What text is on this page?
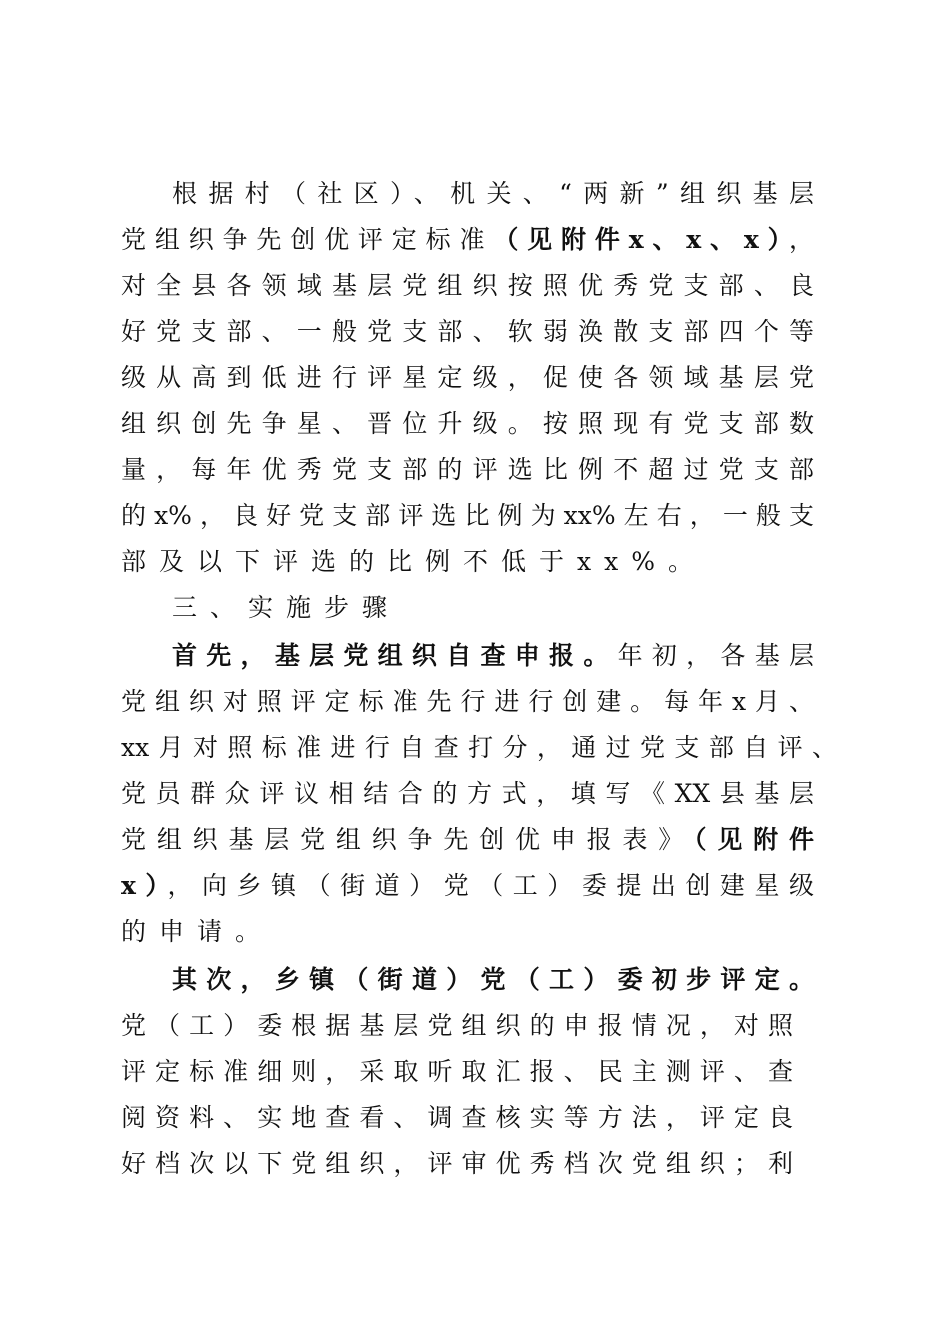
根据村（社区）、机关、“两新”组织基层
党组织争先创优评定标准（见附件x、x、x），
对全县各领域基层党组织按照优秀党支部、良
好党支部、一般党支部、软弱涣散支部四个等
级从高到低进行评星定级，促使各领域基层党
组织创先争星、晋位升级。按照现有党支部数
量，每年优秀党支部的评选比例不超过党支部
的x%，良好党支部评选比例为xx%左右，一般支
部及以下评选的比例不低于xx%。
三、实施步骤
首先，基层党组织自查申报。年初，各基层
党组织对照评定标准先行进行创建。每年x月、
xx月对照标准进行自查打分，通过党支部自评、
党员群众评议相结合的方式，填写《XX县基层
党组织基层党组织争先创优申报表》（见附件
x），向乡镇（街道）党（工）委提出创建星级
的申请。
其次，乡镇（街道）党（工）委初步评定。
党（工）委根据基层党组织的申报情况，对照
评定标准细则，采取听取汇报、民主测评、查
阅资料、实地查看、调查核实等方法，评定良
好档次以下党组织，评审优秀档次党组织；利
